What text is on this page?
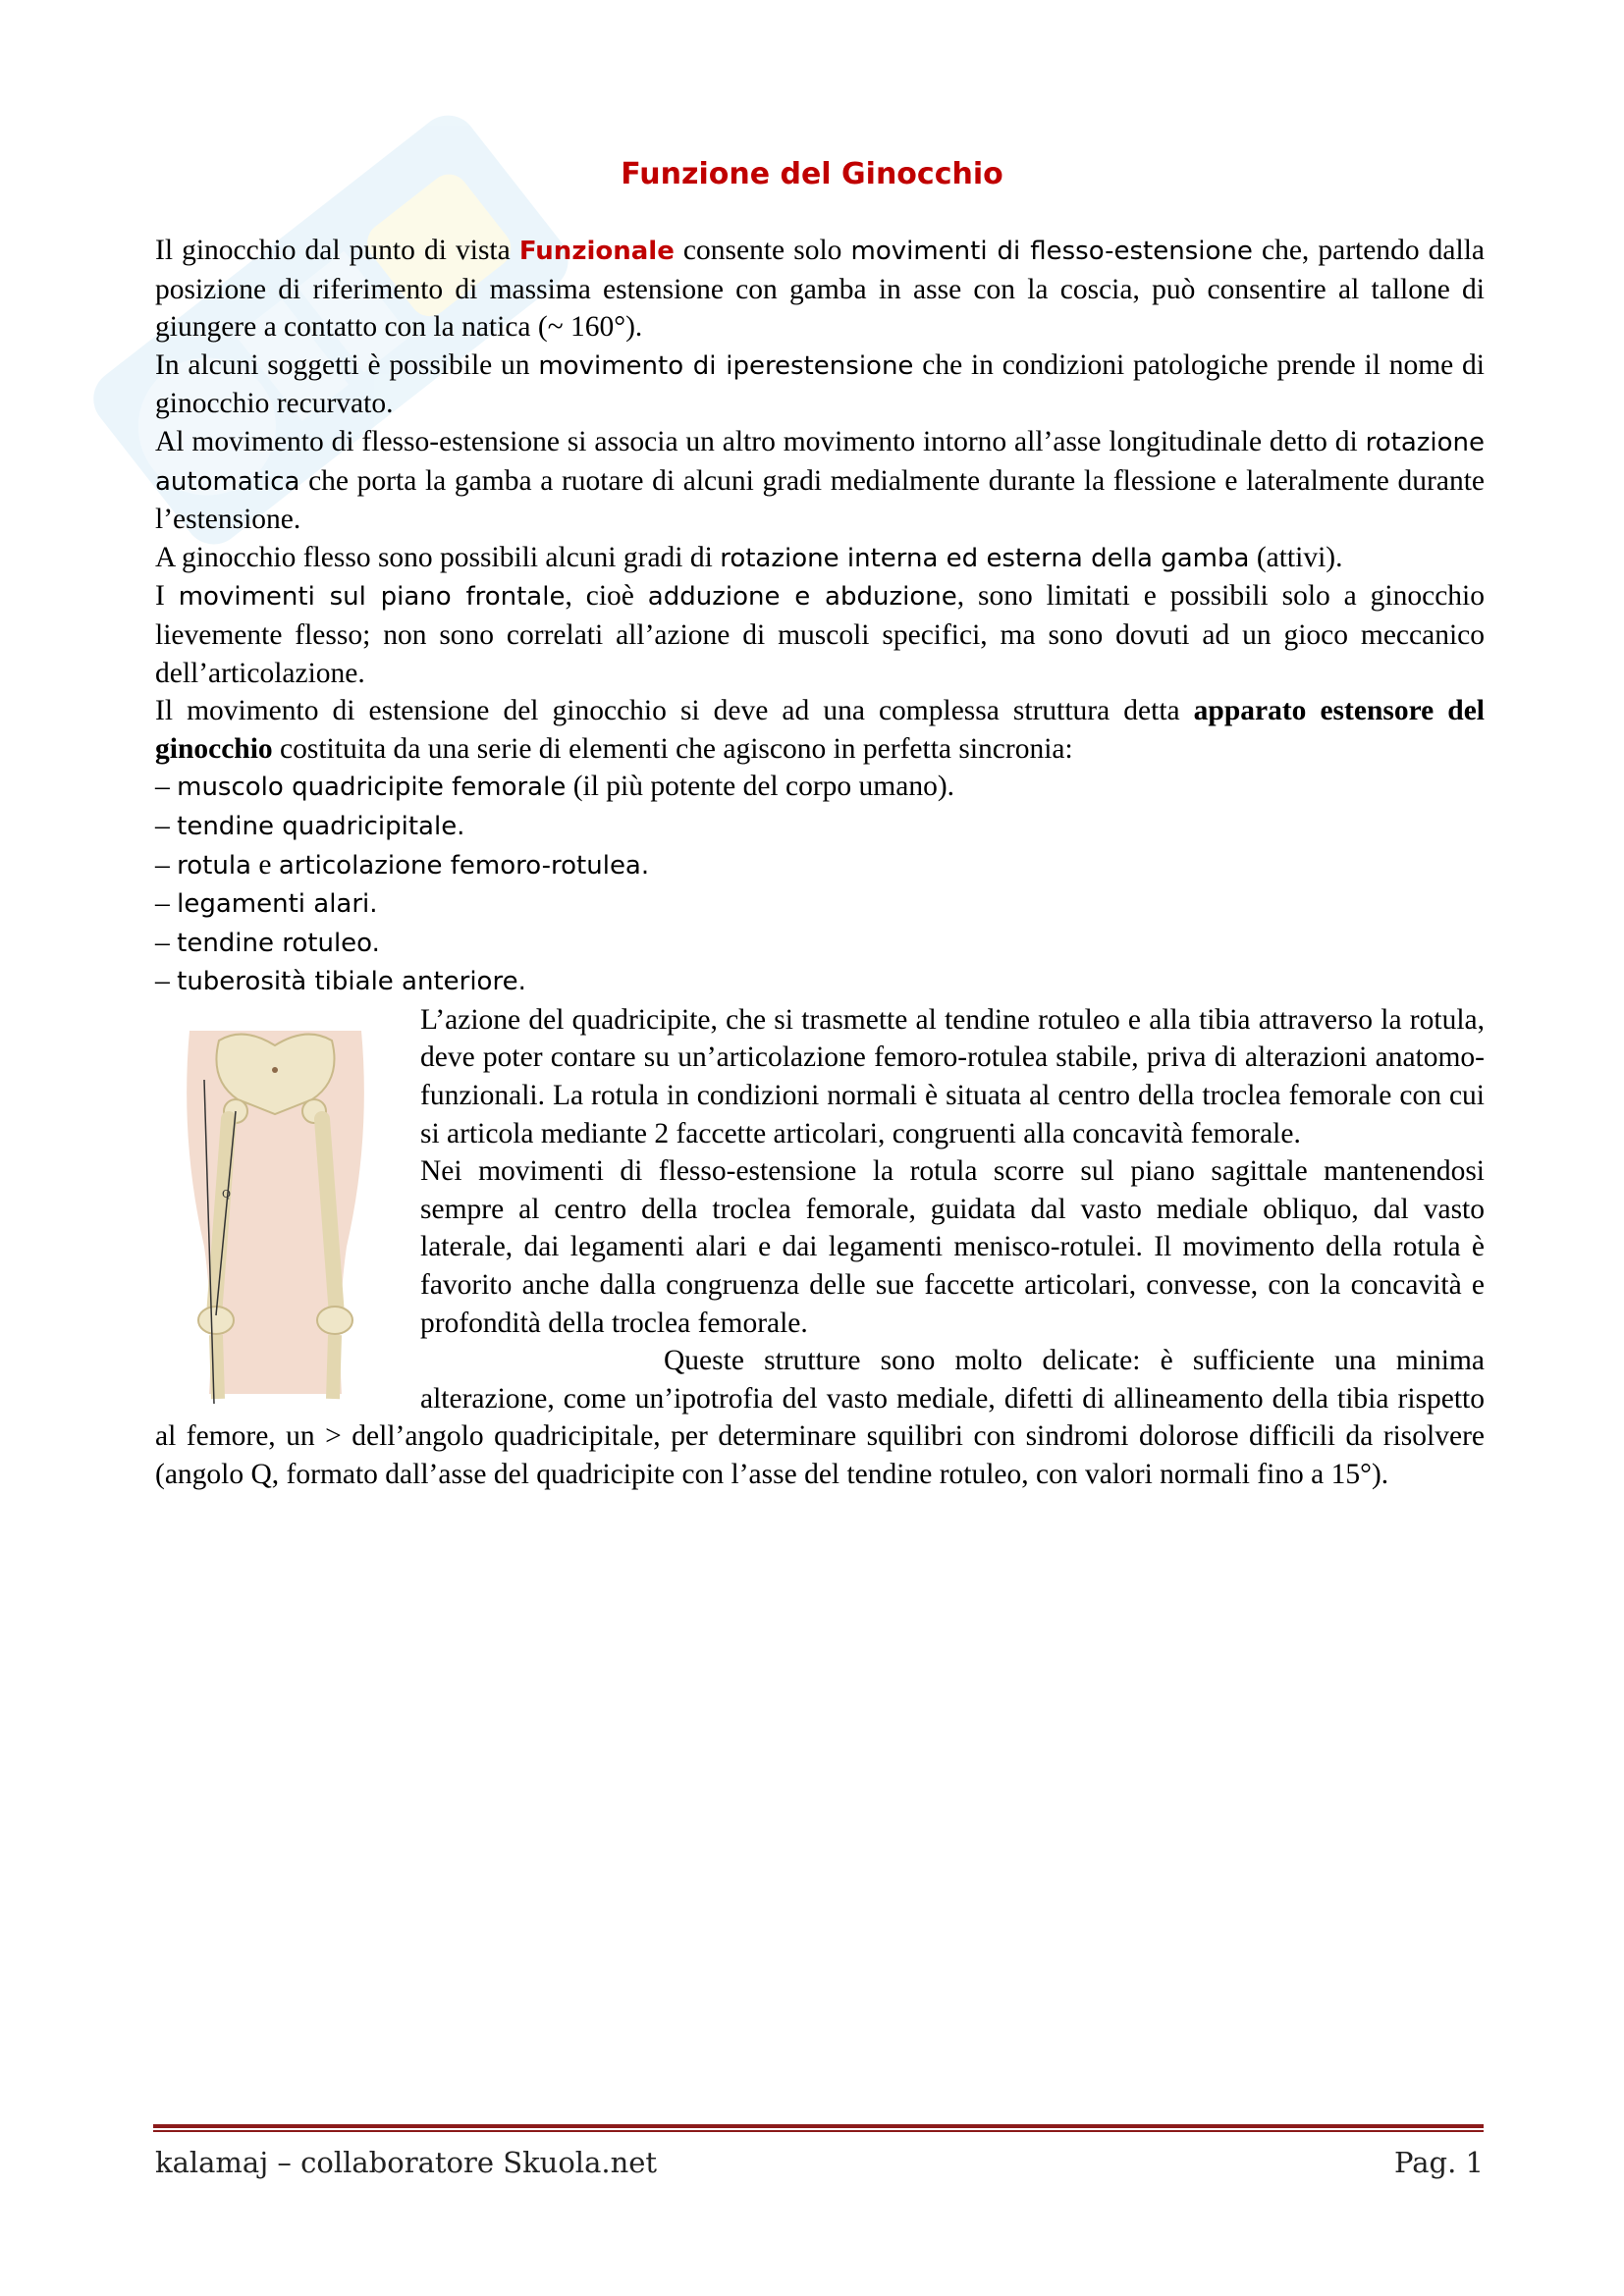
Funzione del Ginocchio

Il ginocchio dal punto di vista Funzionale consente solo movimenti di flesso-estensione che, partendo dalla posizione di riferimento di massima estensione con gamba in asse con la coscia, può consentire al tallone di giungere a contatto con la natica (~ 160°).

In alcuni soggetti è possibile un movimento di iperestensione che in condizioni patologiche prende il nome di ginocchio recurvato.

Al movimento di flesso-estensione si associa un altro movimento intorno all’asse longitudinale detto di rotazione automatica che porta la gamba a ruotare di alcuni gradi medialmente durante la flessione e lateralmente durante l’estensione.

A ginocchio flesso sono possibili alcuni gradi di rotazione interna ed esterna della gamba (attivi).

I movimenti sul piano frontale, cioè adduzione e abduzione, sono limitati e possibili solo a ginocchio lievemente flesso; non sono correlati all’azione di muscoli specifici, ma sono dovuti ad un gioco meccanico dell’articolazione.

Il movimento di estensione del ginocchio si deve ad una complessa struttura detta apparato estensore del ginocchio costituita da una serie di elementi che agiscono in perfetta sincronia:

– muscolo quadricipite femorale (il più potente del corpo umano).
– tendine quadricipitale.
– rotula e articolazione femoro-rotulea.
– legamenti alari.
– tendine rotuleo.
– tuberosità tibiale anteriore.
Q

L’azione del quadricipite, che si trasmette al tendine rotuleo e alla tibia attraverso la rotula, deve poter contare su un’articolazione femoro-rotulea stabile, priva di alterazioni anatomo-funzionali. La rotula in condizioni normali è situata al centro della troclea femorale con cui si articola mediante 2 faccette articolari, congruenti alla concavità femorale.

Nei movimenti di flesso-estensione la rotula scorre sul piano sagittale mantenendosi sempre al centro della troclea femorale, guidata dal vasto mediale obliquo, dal vasto laterale, dai legamenti alari e dai legamenti menisco-rotulei. Il movimento della rotula è favorito anche dalla congruenza delle sue faccette articolari, convesse, con la concavità e profondità della troclea femorale.

Queste strutture sono molto delicate: è sufficiente una minima alterazione, come un’ipotrofia del vasto mediale, difetti di allineamento della tibia rispetto al femore, un > dell’angolo quadricipitale, per determinare squilibri con sindromi dolorose difficili da risolvere (angolo Q, formato dall’asse del quadricipite con l’asse del tendine rotuleo, con valori normali fino a 15°).

kalamaj – collaboratore Skuola.net	Pag. 1
